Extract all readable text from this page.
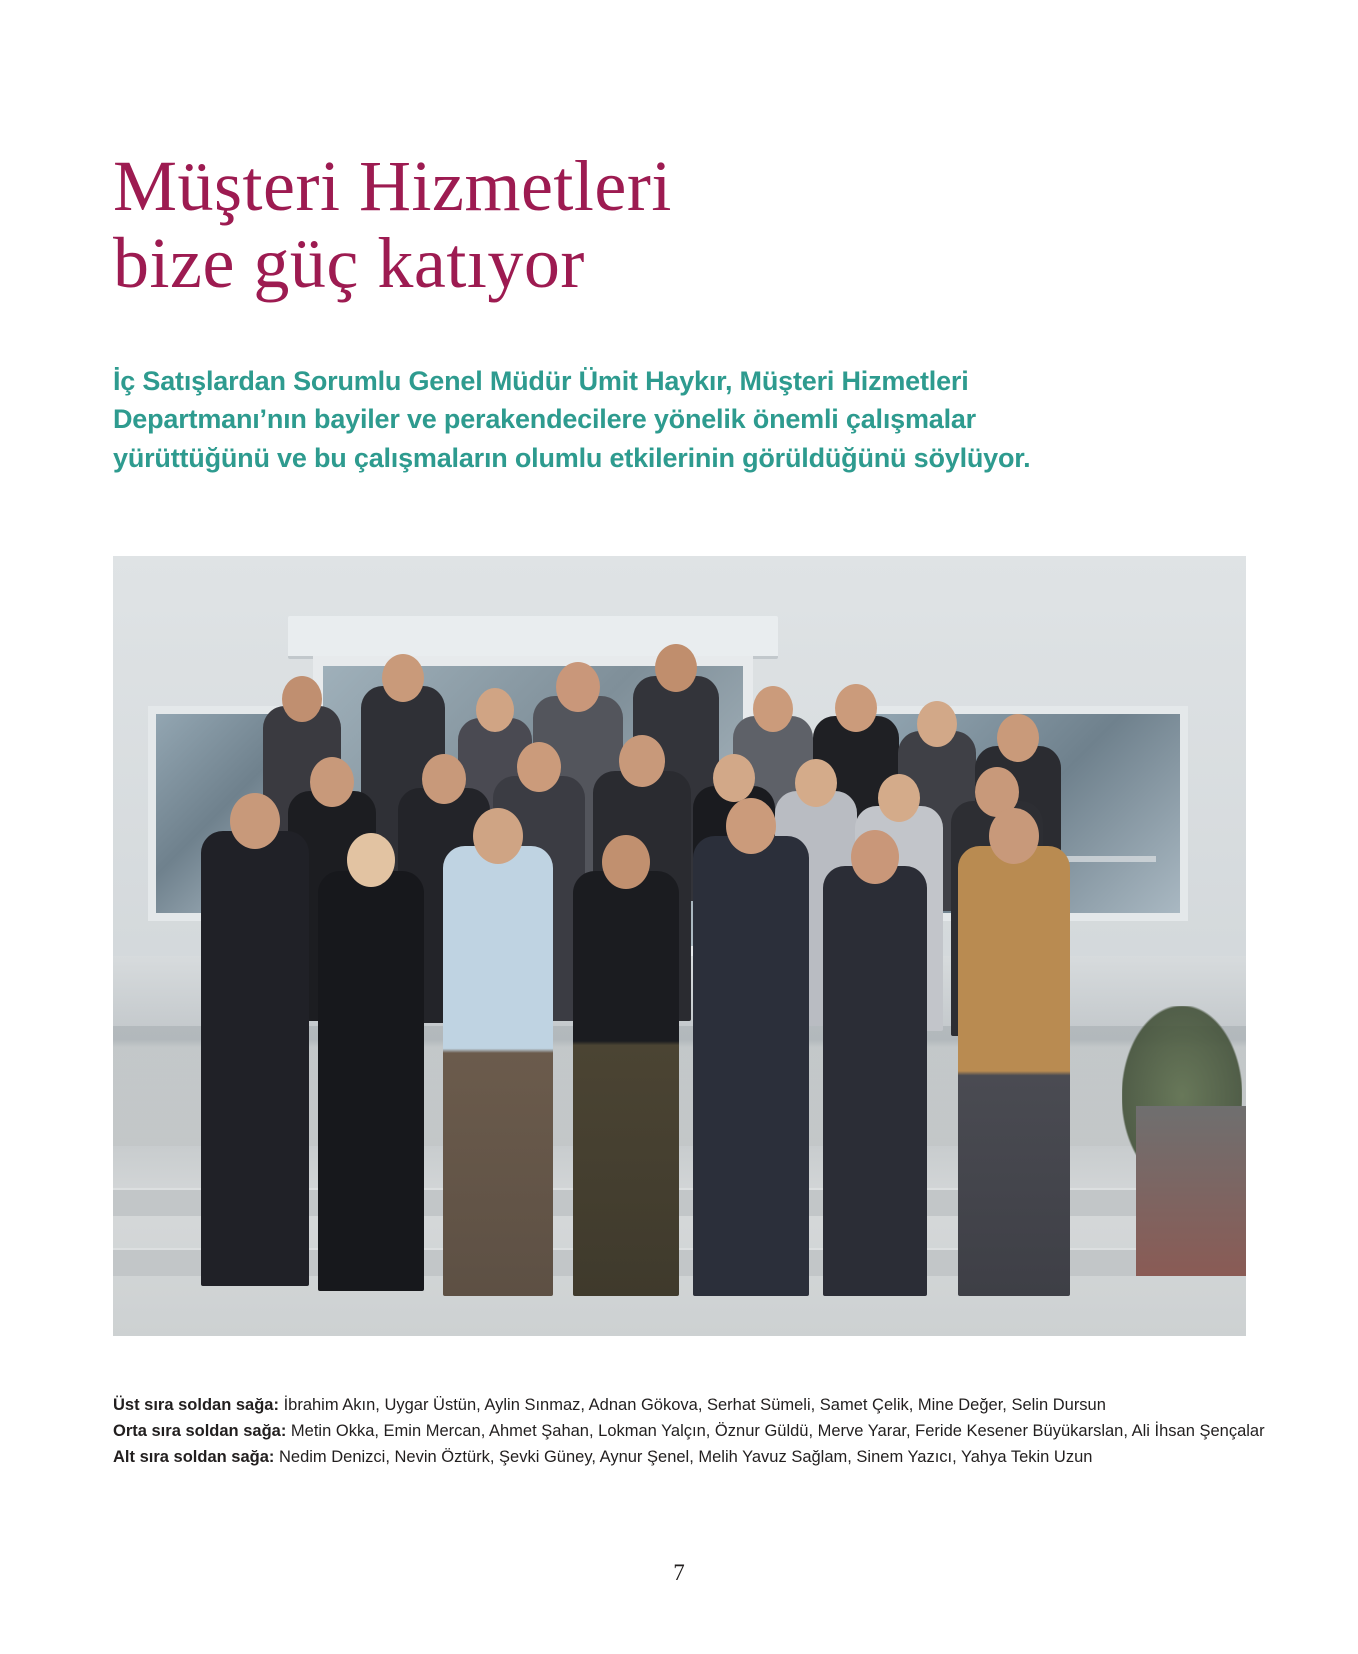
Müşteri Hizmetleri
bize güç katıyor
İç Satışlardan Sorumlu Genel Müdür Ümit Haykır, Müşteri Hizmetleri Departmanı’nın bayiler ve perakendecilere yönelik önemli çalışmalar yürüttüğünü ve bu çalışmaların olumlu etkilerinin görüldüğünü söylüyor.
Üst sıra soldan sağa: İbrahim Akın, Uygar Üstün, Aylin Sınmaz, Adnan Gökova, Serhat Sümeli, Samet Çelik, Mine Değer, Selin Dursun
Orta sıra soldan sağa: Metin Okka, Emin Mercan, Ahmet Şahan, Lokman Yalçın, Öznur Güldü, Merve Yarar, Feride Kesener Büyükarslan, Ali İhsan Şençalar
Alt sıra soldan sağa: Nedim Denizci, Nevin Öztürk, Şevki Güney, Aynur Şenel, Melih Yavuz Sağlam, Sinem Yazıcı, Yahya Tekin Uzun
7
